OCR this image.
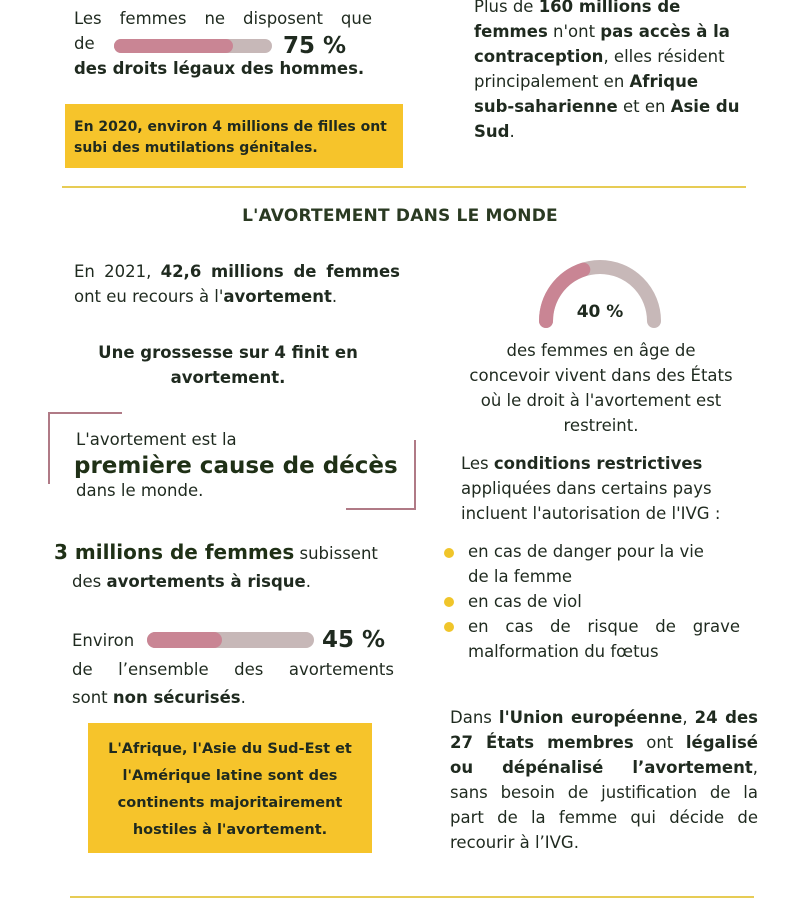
Les femmes ne disposent que
de	75 %
des droits légaux des hommes.
En 2020, environ 4 millions de filles ont
subi des mutilations génitales.
Plus de 160 millions de
femmes n'ont pas accès à la
contraception, elles résident
principalement en Afrique
sub-saharienne et en Asie du
Sud.
L'AVORTEMENT DANS LE MONDE
En 2021, 42,6 millions de femmes
ont eu recours à l'avortement.
Une grossesse sur 4 finit en
avortement.
L'avortement est la
première cause de décès
dans le monde.
3 millions de femmes subissent
des avortements à risque.
Environ	45 %
de l’ensemble des avortements
sont non sécurisés.
L'Afrique, l'Asie du Sud-Est et
l'Amérique latine sont des
continents majoritairement
hostiles à l'avortement.
40 %
des femmes en âge de
concevoir vivent dans des États
où le droit à l'avortement est
restreint.
Les conditions restrictives
appliquées dans certains pays
incluent l'autorisation de l'IVG :
en cas de danger pour la vie
de la femme
en cas de viol
en cas de risque de grave
malformation du fœtus
Dans l'Union européenne, 24 des
27 États membres ont légalisé
ou dépénalisé l’avortement,
sans besoin de justification de la
part de la femme qui décide de
recourir à l’IVG.
